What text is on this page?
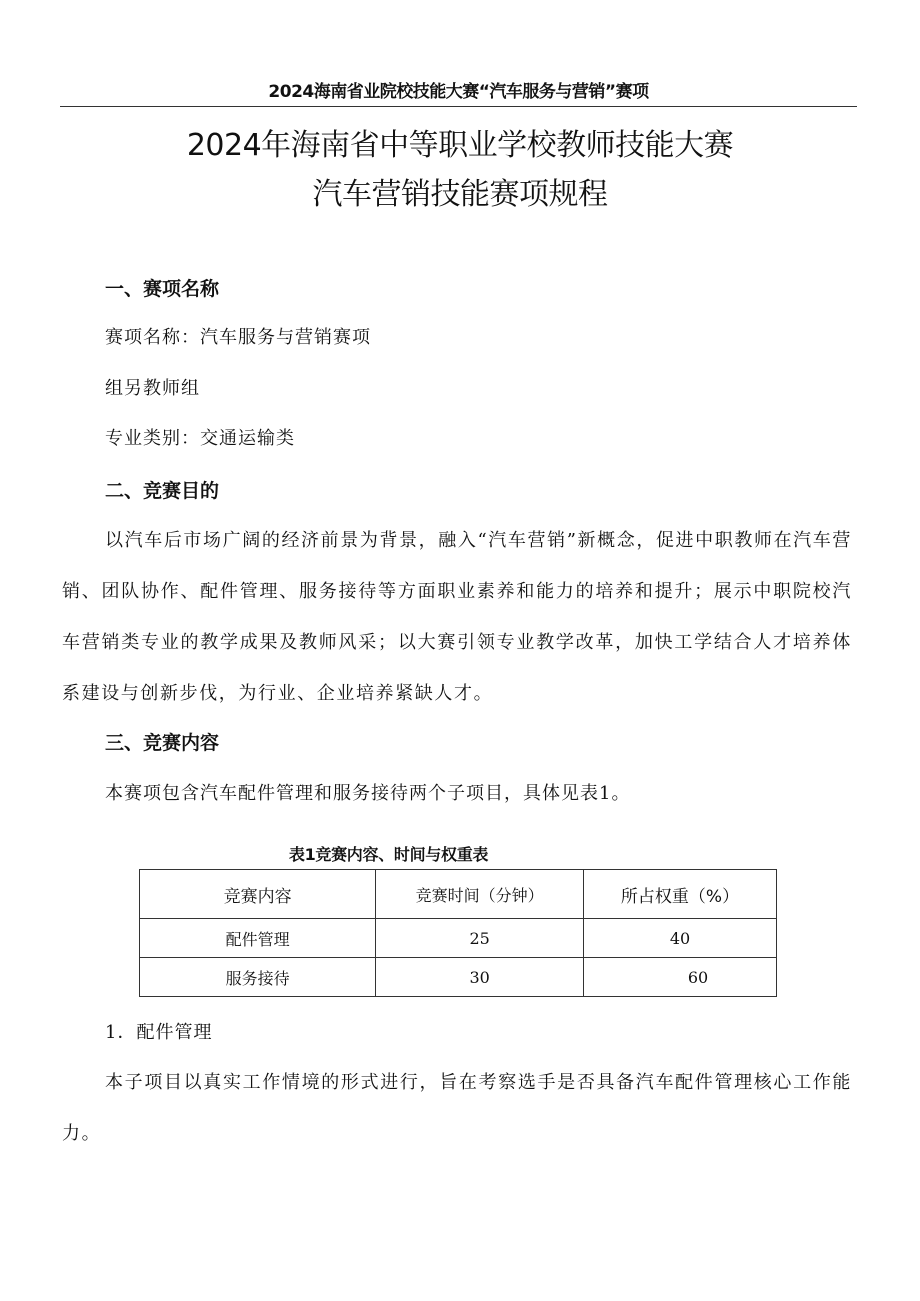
2024海南省业院校技能大赛“汽车服务与营销”赛项
2024年海南省中等职业学校教师技能大赛
汽车营销技能赛项规程
一、赛项名称
赛项名称：汽车服务与营销赛项
组另教师组
专业类别：交通运输类
二、竞赛目的

以汽车后市场广阔的经济前景为背景，融入“汽车营销”新概念，促进中职教师在汽车营销、团队协作、配件管理、服务接待等方面职业素养和能力的培养和提升；展示中职院校汽车营销类专业的教学成果及教师风采；以大赛引领专业教学改革，加快工学结合人才培养体系建设与创新步伐，为行业、企业培养紧缺人才。

三、竞赛内容
本赛项包含汽车配件管理和服务接待两个子项目，具体见表1。
表1竞赛内容、时间与权重表
竞赛内容	竞赛时间（分钟）	所占权重（%）
配件管理	25	40
服务接待	30	60
1．配件管理

本子项目以真实工作情境的形式进行，旨在考察选手是否具备汽车配件管理核心工作能力。
